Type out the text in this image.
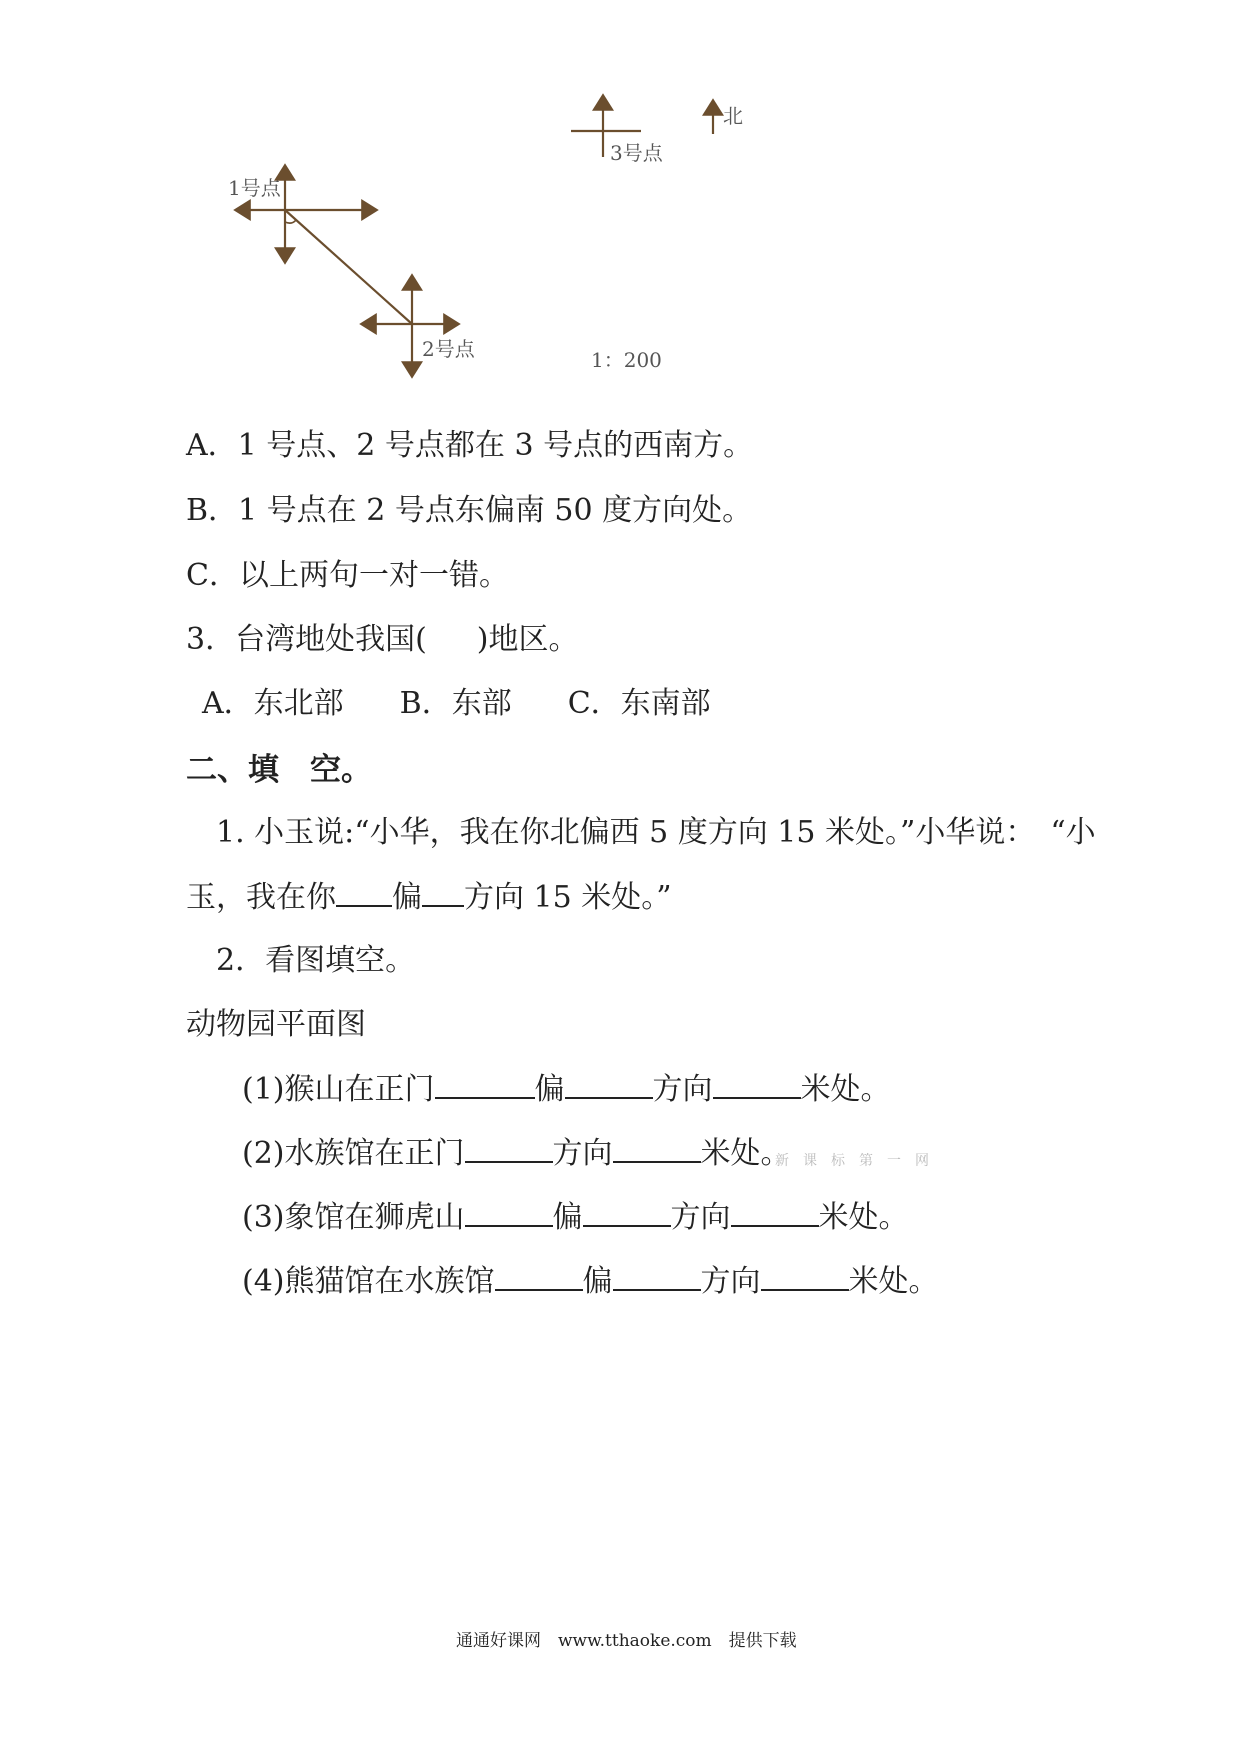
北
1号点
2号点
3号点
1：200
A．1 号点、2 号点都在 3 号点的西南方。
B．1 号点在 2 号点东偏南 50 度方向处。
C．以上两句一对一错。
3．台湾地处我国( )地区。
A．东北部 B．东部 C．东南部
二、填　空。
1. 小玉说:“小华，我在你北偏西 5 度方向 15 米处。”小华说：　“小
玉，我在你 偏 方向 15 米处。”
2．看图填空。
动物园平面图
(1)猴山在正门	偏	方向	米处。
(2)水族馆在正门	方向	米处。
新课标第一网
(3)象馆在狮虎山	偏	方向	米处。
(4)熊猫馆在水族馆	偏	方向	米处。
通通好课网　www.tthaoke.com　提供下载
